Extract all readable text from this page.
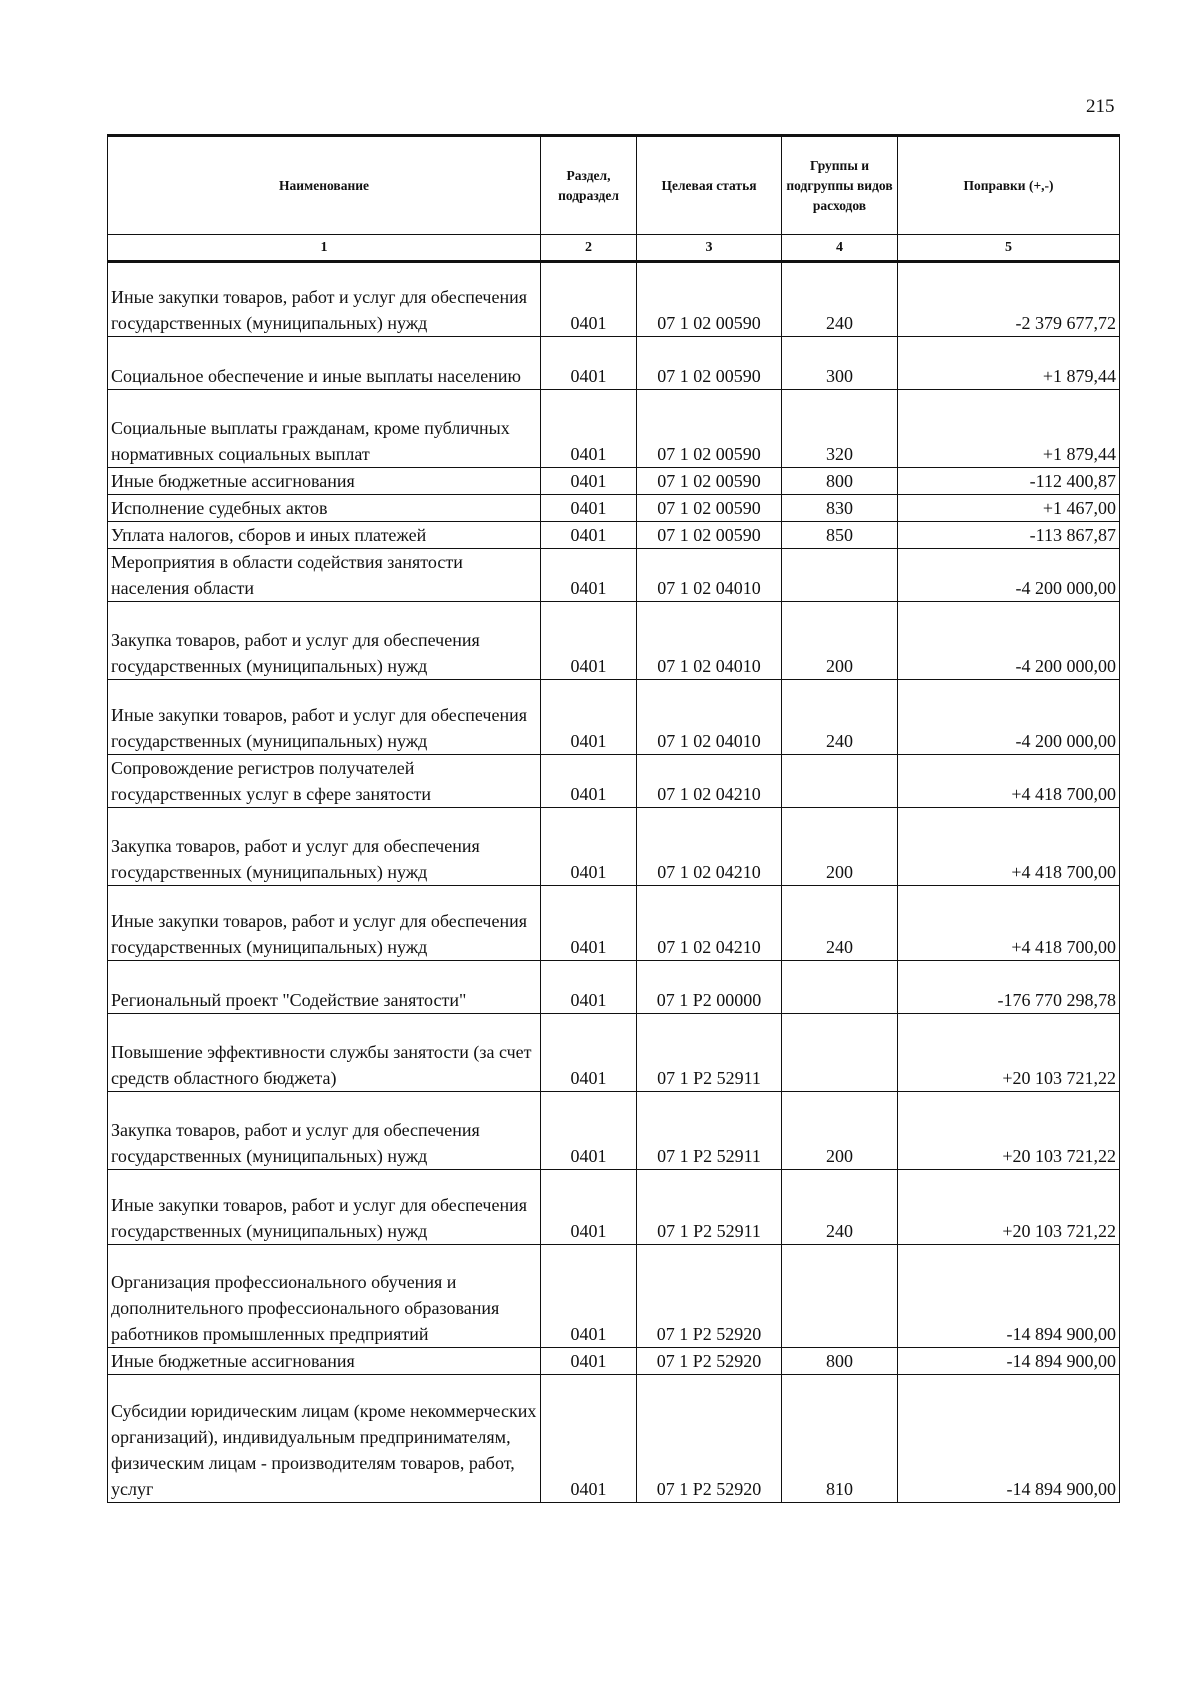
215
Наименование	Раздел, подраздел	Целевая статья	Группы и подгруппы видов расходов	Поправки (+,-)
1	2	3	4	5
Иные закупки товаров, работ и услуг для обеспечения государственных (муниципальных) нужд	0401	07 1 02 00590	240	-2 379 677,72
Социальное обеспечение и иные выплаты населению	0401	07 1 02 00590	300	+1 879,44
Социальные выплаты гражданам, кроме публичных нормативных социальных выплат	0401	07 1 02 00590	320	+1 879,44
Иные бюджетные ассигнования	0401	07 1 02 00590	800	-112 400,87
Исполнение судебных актов	0401	07 1 02 00590	830	+1 467,00
Уплата налогов, сборов и иных платежей	0401	07 1 02 00590	850	-113 867,87
Мероприятия в области содействия занятости населения области	0401	07 1 02 04010		-4 200 000,00
Закупка товаров, работ и услуг для обеспечения государственных (муниципальных) нужд	0401	07 1 02 04010	200	-4 200 000,00
Иные закупки товаров, работ и услуг для обеспечения государственных (муниципальных) нужд	0401	07 1 02 04010	240	-4 200 000,00
Сопровождение регистров получателей государственных услуг в сфере занятости	0401	07 1 02 04210		+4 418 700,00
Закупка товаров, работ и услуг для обеспечения государственных (муниципальных) нужд	0401	07 1 02 04210	200	+4 418 700,00
Иные закупки товаров, работ и услуг для обеспечения государственных (муниципальных) нужд	0401	07 1 02 04210	240	+4 418 700,00
Региональный проект "Содействие занятости"	0401	07 1 P2 00000		-176 770 298,78
Повышение эффективности службы занятости (за счет средств областного бюджета)	0401	07 1 P2 52911		+20 103 721,22
Закупка товаров, работ и услуг для обеспечения государственных (муниципальных) нужд	0401	07 1 P2 52911	200	+20 103 721,22
Иные закупки товаров, работ и услуг для обеспечения государственных (муниципальных) нужд	0401	07 1 P2 52911	240	+20 103 721,22
Организация профессионального обучения и дополнительного профессионального образования работников промышленных предприятий	0401	07 1 P2 52920		-14 894 900,00
Иные бюджетные ассигнования	0401	07 1 P2 52920	800	-14 894 900,00
Субсидии юридическим лицам (кроме некоммерческих организаций), индивидуальным предпринимателям, физическим лицам - производителям товаров, работ, услуг	0401	07 1 P2 52920	810	-14 894 900,00
